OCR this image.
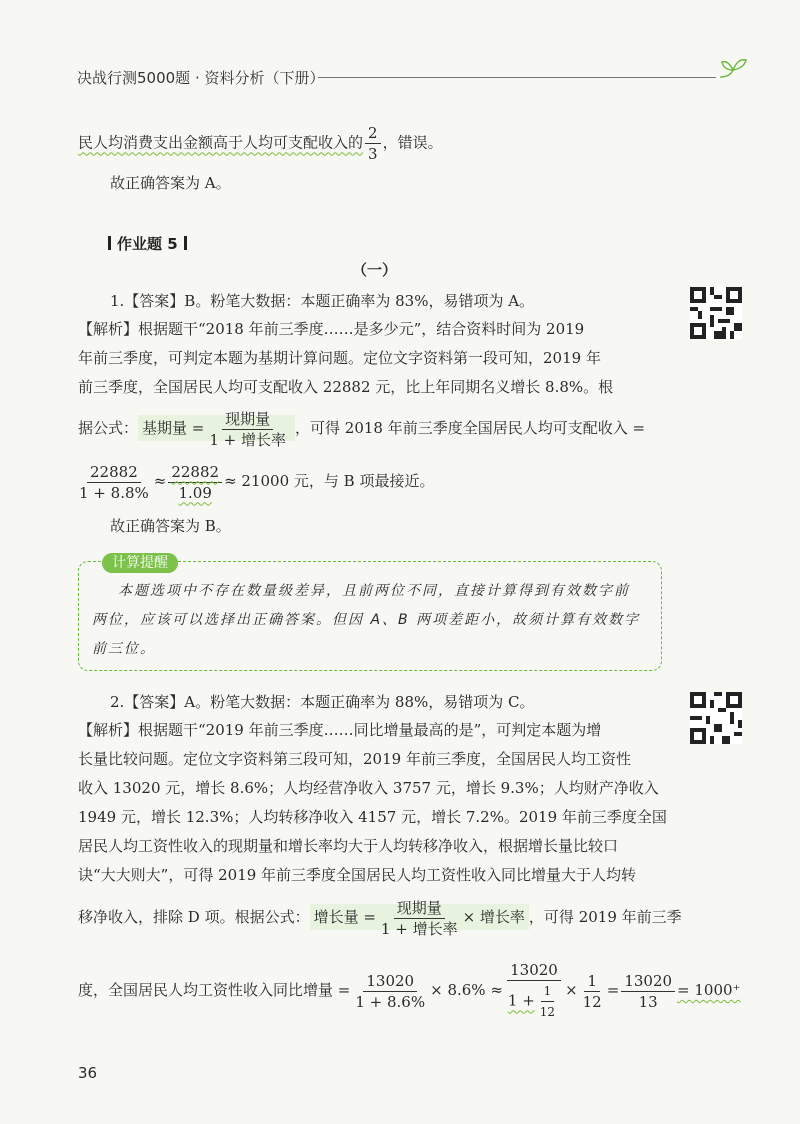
决战行测5000题 · 资料分析（下册）
民人均消费支出金额高于人均可支配收入的 $\frac{2}{3}$ ，错误。
故正确答案为 A。
作业题 5
（一）
1.【答案】B。粉笔大数据：本题正确率为 83%，易错项为 A。
【解析】根据题干“2018 年前三季度……是多少元”，结合资料时间为 2019
年前三季度，可判定本题为基期计算问题。定位文字资料第一段可知，2019 年
前三季度，全国居民人均可支配收入 22882 元，比上年同期名义增长 8.8%。根
据公式： 基期量 = $\frac{\text{现期量}}{\text{1 + 增长率}}$ ，可得 2018 年前三季度全国居民人均可支配收入 =
$\frac{22882}{1 + 8.8\%} \approx \frac{22882}{1.09} \approx 21000$ 元，与 B 项最接近。
故正确答案为 B。
计算提醒
本题选项中不存在数量级差异，且前两位不同，直接计算得到有效数字前
两位，应该可以选择出正确答案。但因 A、B 两项差距小，故须计算有效数字
前三位。
2.【答案】A。粉笔大数据：本题正确率为 88%，易错项为 C。
【解析】根据题干“2019 年前三季度……同比增量最高的是”，可判定本题为增
长量比较问题。定位文字资料第三段可知，2019 年前三季度，全国居民人均工资性
收入 13020 元，增长 8.6%；人均经营净收入 3757 元，增长 9.3%；人均财产净收入
1949 元，增长 12.3%；人均转移净收入 4157 元，增长 7.2%。2019 年前三季度全国
居民人均工资性收入的现期量和增长率均大于人均转移净收入，根据增长量比较口
诀“大大则大”，可得 2019 年前三季度全国居民人均工资性收入同比增量大于人均转
移净收入，排除 D 项。根据公式： 增长量 = $\frac{\text{现期量}}{\text{1 + 增长率}}$ × 增长率 ，可得 2019 年前三季
度，全国居民人均工资性收入同比增量 = $\frac{13020}{1 + 8.6\%} \times 8.6\% \approx \frac{13020}{1 + \frac{1}{12}} \times \frac{1}{12} = \frac{13020}{13} = 1000^+$
36
